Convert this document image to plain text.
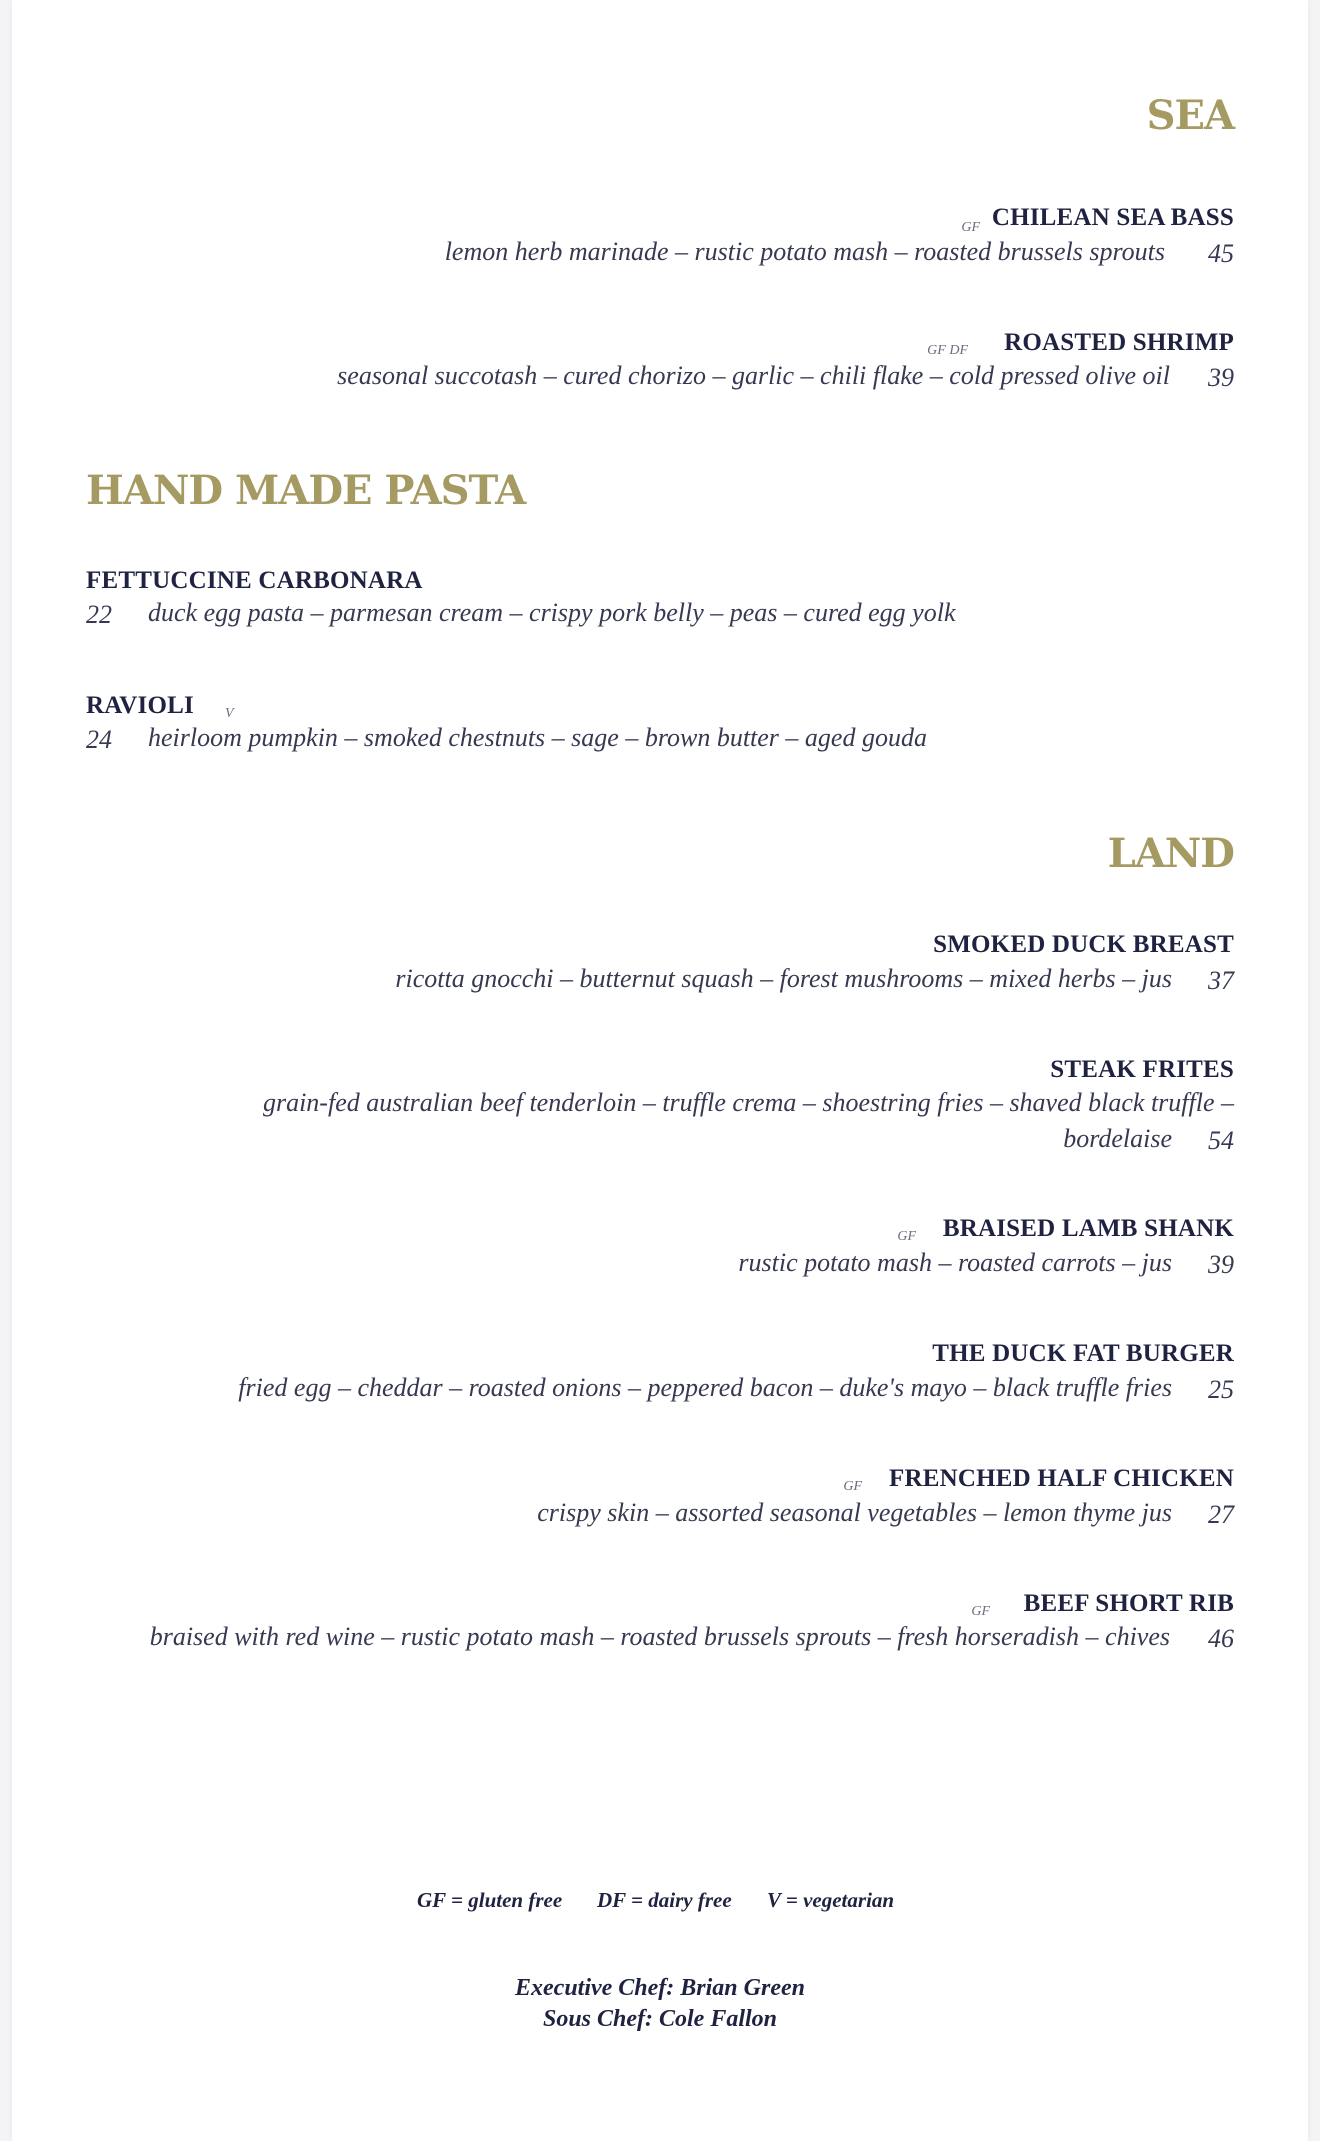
SEA
GF CHILEAN SEA BASS
lemon herb marinade – rustic potato mash – roasted brussels sprouts 45
GF DF ROASTED SHRIMP
seasonal succotash – cured chorizo – garlic – chili flake – cold pressed olive oil 39
HAND MADE PASTA
FETTUCCINE CARBONARA
22 duck egg pasta – parmesan cream – crispy pork belly – peas – cured egg yolk
RAVIOLI V
24 heirloom pumpkin – smoked chestnuts – sage – brown butter – aged gouda
LAND
SMOKED DUCK BREAST
ricotta gnocchi – butternut squash – forest mushrooms – mixed herbs – jus 37
STEAK FRITES
grain-fed australian beef tenderloin – truffle crema – shoestring fries – shaved black truffle –
bordelaise 54
GF BRAISED LAMB SHANK
rustic potato mash – roasted carrots – jus 39
THE DUCK FAT BURGER
fried egg – cheddar – roasted onions – peppered bacon – duke's mayo – black truffle fries 25
GF FRENCHED HALF CHICKEN
crispy skin – assorted seasonal vegetables – lemon thyme jus 27
GF BEEF SHORT RIB
braised with red wine – rustic potato mash – roasted brussels sprouts – fresh horseradish – chives 46
GF = gluten free DF = dairy free V = vegetarian
Executive Chef: Brian Green
Sous Chef: Cole Fallon
